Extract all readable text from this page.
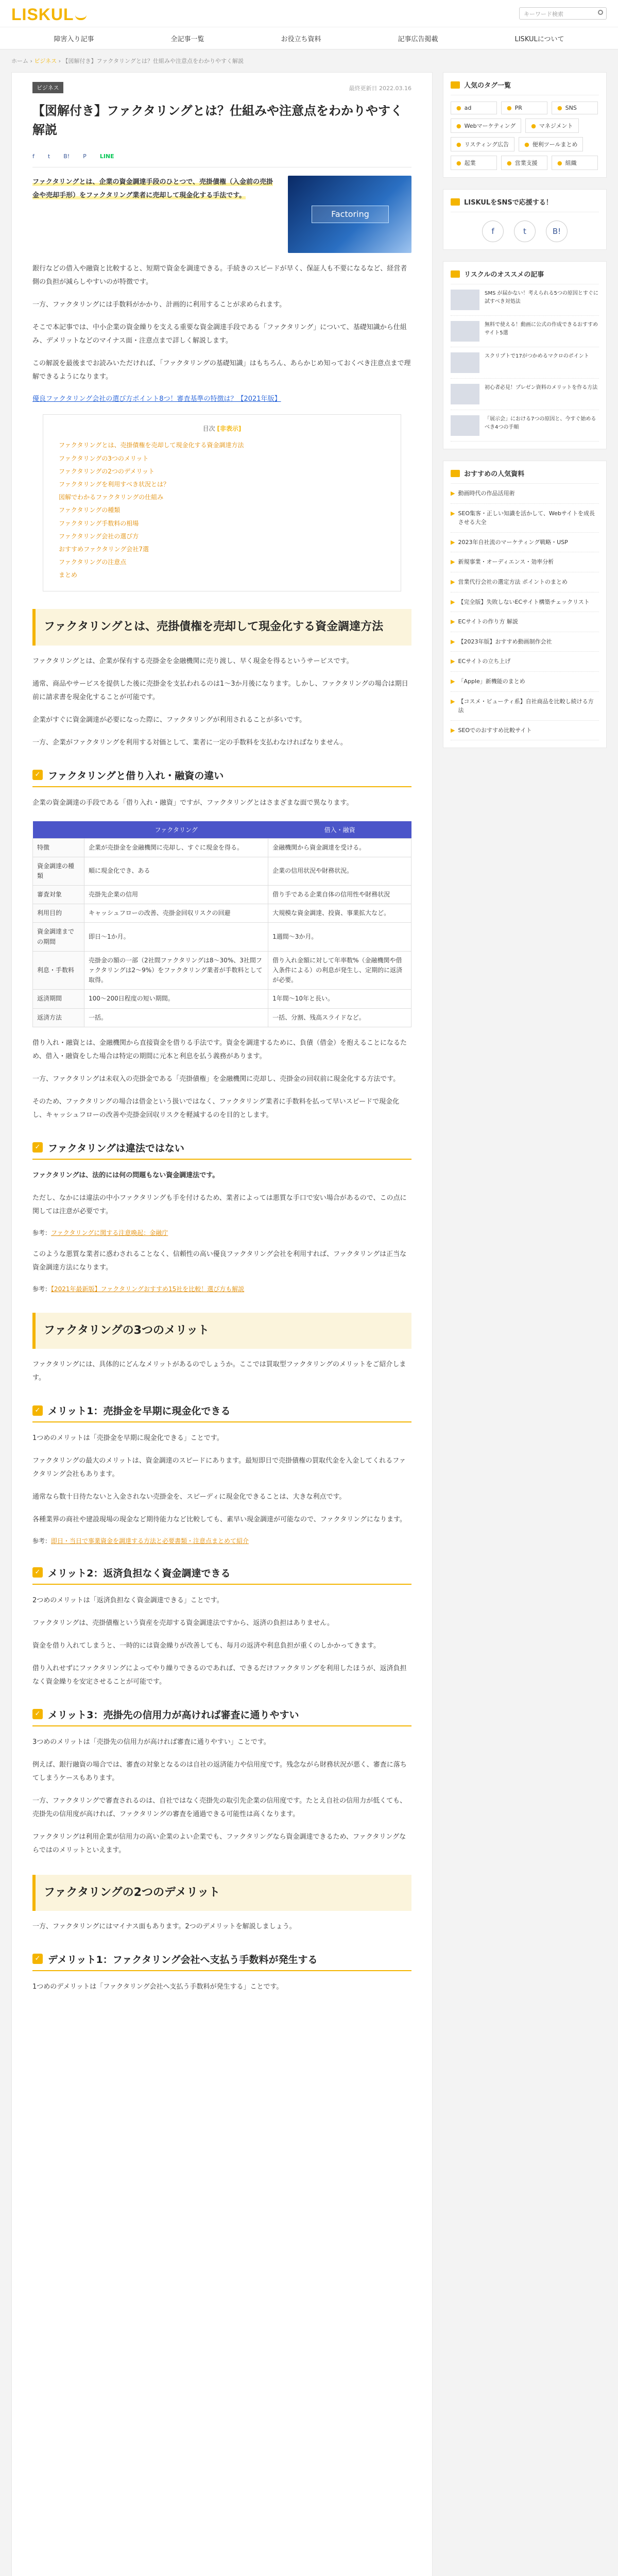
LISKUL	キーワード検索
障害入り記事	全記事一覧	お役立ち資料	記事広告掲載	LISKULについて
ホーム › ビジネス › 【図解付き】ファクタリングとは？仕組みや注意点をわかりやすく解説
ビジネス	最終更新日 2022.03.16
【図解付き】ファクタリングとは？仕組みや注意点をわかりやすく解説
f t B! P LINE

ファクタリングとは、企業の資金調達手段のひとつで、売掛債権（入金前の売掛金や売却手形）をファクタリング業者に売却して現金化する手法です。

Factoring

銀行などの借入や融資と比較すると、短期で資金を調達できる。手続きのスピードが早く、保証人も不要になるなど、経営者側の負担が減らしやすいのが特徴です。

一方、ファクタリングには手数料がかかり、計画的に利用することが求められます。

そこで本記事では、中小企業の資金繰りを支える重要な資金調達手段である「ファクタリング」について、基礎知識から仕組み、デメリットなどのマイナス面・注意点まで詳しく解説します。

この解説を最後までお読みいただければ、「ファクタリングの基礎知識」はもちろん、あらかじめ知っておくべき注意点まで理解できるようになります。

優良ファクタリング会社の選び方ポイント8つ！審査基準の特徴は？【2021年版】
目次 [非表示]
ファクタリングとは、売掛債権を売却して現金化する資金調達方法
ファクタリングの3つのメリット
ファクタリングの2つのデメリット
ファクタリングを利用すべき状況とは？
図解でわかるファクタリングの仕組み
ファクタリングの種類
ファクタリング手数料の相場
ファクタリング会社の選び方
おすすめファクタリング会社7選
ファクタリングの注意点
まとめ
ファクタリングとは、売掛債権を売却して現金化する資金調達方法

ファクタリングとは、企業が保有する売掛金を金融機関に売り渡し、早く現金を得るというサービスです。

通常、商品やサービスを提供した後に売掛金を支払われるのは1〜3か月後になります。しかし、ファクタリングの場合は期日前に請求書を現金化することが可能です。

企業がすぐに資金調達が必要になった際に、ファクタリングが利用されることが多いです。

一方、企業がファクタリングを利用する対価として、業者に一定の手数料を支払わなければなりません。

✓ ファクタリングと借り入れ・融資の違い

企業の資金調達の手段である「借り入れ・融資」ですが、ファクタリングとはさまざまな面で異なります。

	ファクタリング	借入・融資
特徴	企業が売掛金を金融機関に売却し、すぐに現金を得る。	金融機関から資金調達を受ける。
資金調達の種類	順に現金化でき、ある	企業の信用状況や財務状況。
審査対象	売掛先企業の信用	借り手である企業自体の信用性や財務状況
利用目的	キャッシュフローの改善、売掛金回収リスクの回避	大規模な資金調達、投資、事業拡大など。
資金調達までの期間	即日〜1か月。	1週間〜3か月。
利息・手数料	売掛金の額の一部（2社間ファクタリングは8〜30%、3社間ファクタリングは2〜9%）をファクタリング業者が手数料として取得。	借り入れ金額に対して年率数%（金融機関や借入条件による）の利息が発生し、定期的に返済が必要。
返済期間	100〜200日程度の短い期間。	1年間〜10年と長い。
返済方法	一括。	一括、分割、残高スライドなど。

借り入れ・融資とは、金融機関から直接資金を借りる手法です。資金を調達するために、負債（借金）を抱えることになるため、借入・融資をした場合は特定の期間に元本と利息を払う義務があります。

一方、ファクタリングは未収入の売掛金である「売掛債権」を金融機関に売却し、売掛金の回収前に現金化する方法です。

そのため、ファクタリングの場合は借金という扱いではなく、ファクタリング業者に手数料を払って早いスピードで現金化し、キャッシュフローの改善や売掛金回収リスクを軽減するのを目的とします。

✓ ファクタリングは違法ではない

ファクタリングは、法的には何の問題もない資金調達法です。

ただし、なかには違法の中小ファクタリングも手を付けるため、業者によっては悪質な手口で安い場合があるので、この点に関しては注意が必要です。

参考：ファクタリングに関する注意喚起：金融庁

このような悪質な業者に惑わされることなく、信頼性の高い優良ファクタリング会社を利用すれば、ファクタリングは正当な資金調達方法になります。

参考：【2021年最新版】ファクタリングおすすめ15社を比較！選び方も解説

ファクタリングの3つのメリット

ファクタリングには、具体的にどんなメリットがあるのでしょうか。ここでは買取型ファクタリングのメリットをご紹介します。

✓ メリット1：売掛金を早期に現金化できる

1つめのメリットは「売掛金を早期に現金化できる」ことです。

ファクタリングの最大のメリットは、資金調達のスピードにあります。最短即日で売掛債権の買取代金を入金してくれるファクタリング会社もあります。

通常なら数十日待たないと入金されない売掛金を、スピーディに現金化できることは、大きな利点です。

各種業界の商社や建設現場の現金など期待能力など比較しても、素早い現金調達が可能なので、ファクタリングになります。

参考：即日・当日で事業資金を調達する方法と必要書類・注意点まとめて紹介

✓ メリット2：返済負担なく資金調達できる

2つめのメリットは「返済負担なく資金調達できる」ことです。

ファクタリングは、売掛債権という資産を売却する資金調達法ですから、返済の負担はありません。

資金を借り入れてしまうと、一時的には資金繰りが改善しても、毎月の返済や利息負担が重くのしかかってきます。

借り入れせずにファクタリングによってやり繰りできるのであれば、できるだけファクタリングを利用したほうが、返済負担なく資金繰りを安定させることが可能です。

✓ メリット3：売掛先の信用力が高ければ審査に通りやすい

3つめのメリットは「売掛先の信用力が高ければ審査に通りやすい」ことです。

例えば、銀行融資の場合では、審査の対象となるのは自社の返済能力や信用度です。残念ながら財務状況が悪く、審査に落ちてしまうケースもあります。

一方、ファクタリングで審査されるのは、自社ではなく売掛先の取引先企業の信用度です。たとえ自社の信用力が低くても、売掛先の信用度が高ければ、ファクタリングの審査を通過できる可能性は高くなります。

ファクタリングは利用企業が信用力の高い企業のよい企業でも、ファクタリングなら資金調達できるため、ファクタリングならではのメリットといえます。

ファクタリングの2つのデメリット

一方、ファクタリングにはマイナス面もあります。2つのデメリットを解説しましょう。

✓ デメリット1：ファクタリング会社へ支払う手数料が発生する

1つめのデメリットは「ファクタリング会社へ支払う手数料が発生する」ことです。

人気のタグ一覧
● ad	● PR	● SNS
● Webマーケティング	● マネジメント
● リスティング広告	● 便利ツールまとめ
● 起業	● 営業支援	● 組織
LISKULをSNSで応援する！
f	t	B!
リスクルのオススメの記事

SMS が届かない！考えられる5つの原因とすぐに試すべき対処法

無料で使える！動画に公式の作成できるおすすめサイト5選

スクリプトで17がつかめるマクロのポイント

初心者必見！プレゼン資料のメリットを作る方法

「展示会」における7つの原因と、今すぐ始めるべき4つの手順

おすすめの人気資料
▶ 動画時代の作品活用術
▶ SEO集客・正しい知識を活かして、Webサイトを成長させる大全
▶ 2023年自社流のマーケティング戦略・USP
▶ 新規事業・オーディエンス・効率分析
▶ 営業代行会社の選定方法 ポイントのまとめ
▶ 【完全版】失敗しないECサイト構築チェックリスト
▶ ECサイトの作り方 解説
▶ 【2023年版】おすすめ動画制作会社
▶ ECサイトの立ち上げ
▶ 「Apple」新機能のまとめ
▶ 【コスメ・ビューティ系】自社商品を比較し続ける方法
▶ SEOでのおすすめ比較サイト
